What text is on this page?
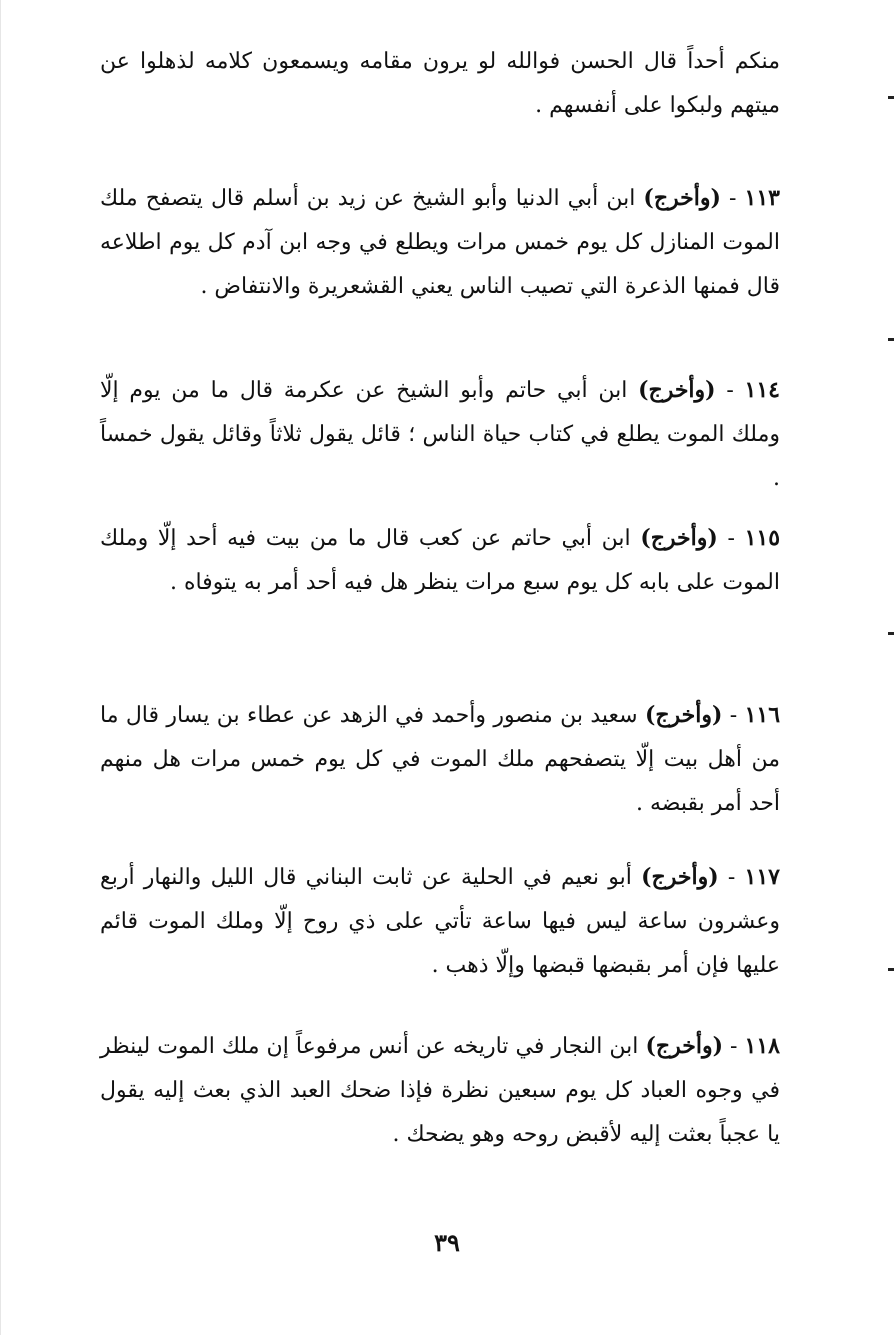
منكم أحداً قال الحسن فوالله لو يرون مقامه ويسمعون كلامه لذهلوا عن ميتهم ولبكوا على أنفسهم .

١١٣ - (وأخرج) ابن أبي الدنيا وأبو الشيخ عن زيد بن أسلم قال يتصفح ملك الموت المنازل كل يوم خمس مرات ويطلع في وجه ابن آدم كل يوم اطلاعه قال فمنها الذعرة التي تصيب الناس يعني القشعريرة والانتفاض .

١١٤ - (وأخرج) ابن أبي حاتم وأبو الشيخ عن عكرمة قال ما من يوم إلّا وملك الموت يطلع في كتاب حياة الناس ؛ قائل يقول ثلاثاً وقائل يقول خمساً .

١١٥ - (وأخرج) ابن أبي حاتم عن كعب قال ما من بيت فيه أحد إلّا وملك الموت على بابه كل يوم سبع مرات ينظر هل فيه أحد أمر به يتوفاه .

١١٦ - (وأخرج) سعيد بن منصور وأحمد في الزهد عن عطاء بن يسار قال ما من أهل بيت إلّا يتصفحهم ملك الموت في كل يوم خمس مرات هل منهم أحد أمر بقبضه .

١١٧ - (وأخرج) أبو نعيم في الحلية عن ثابت البناني قال الليل والنهار أربع وعشرون ساعة ليس فيها ساعة تأتي على ذي روح إلّا وملك الموت قائم عليها فإن أمر بقبضها قبضها وإلّا ذهب .

١١٨ - (وأخرج) ابن النجار في تاريخه عن أنس مرفوعاً إن ملك الموت لينظر في وجوه العباد كل يوم سبعين نظرة فإذا ضحك العبد الذي بعث إليه يقول يا عجباً بعثت إليه لأقبض روحه وهو يضحك .

٣٩
